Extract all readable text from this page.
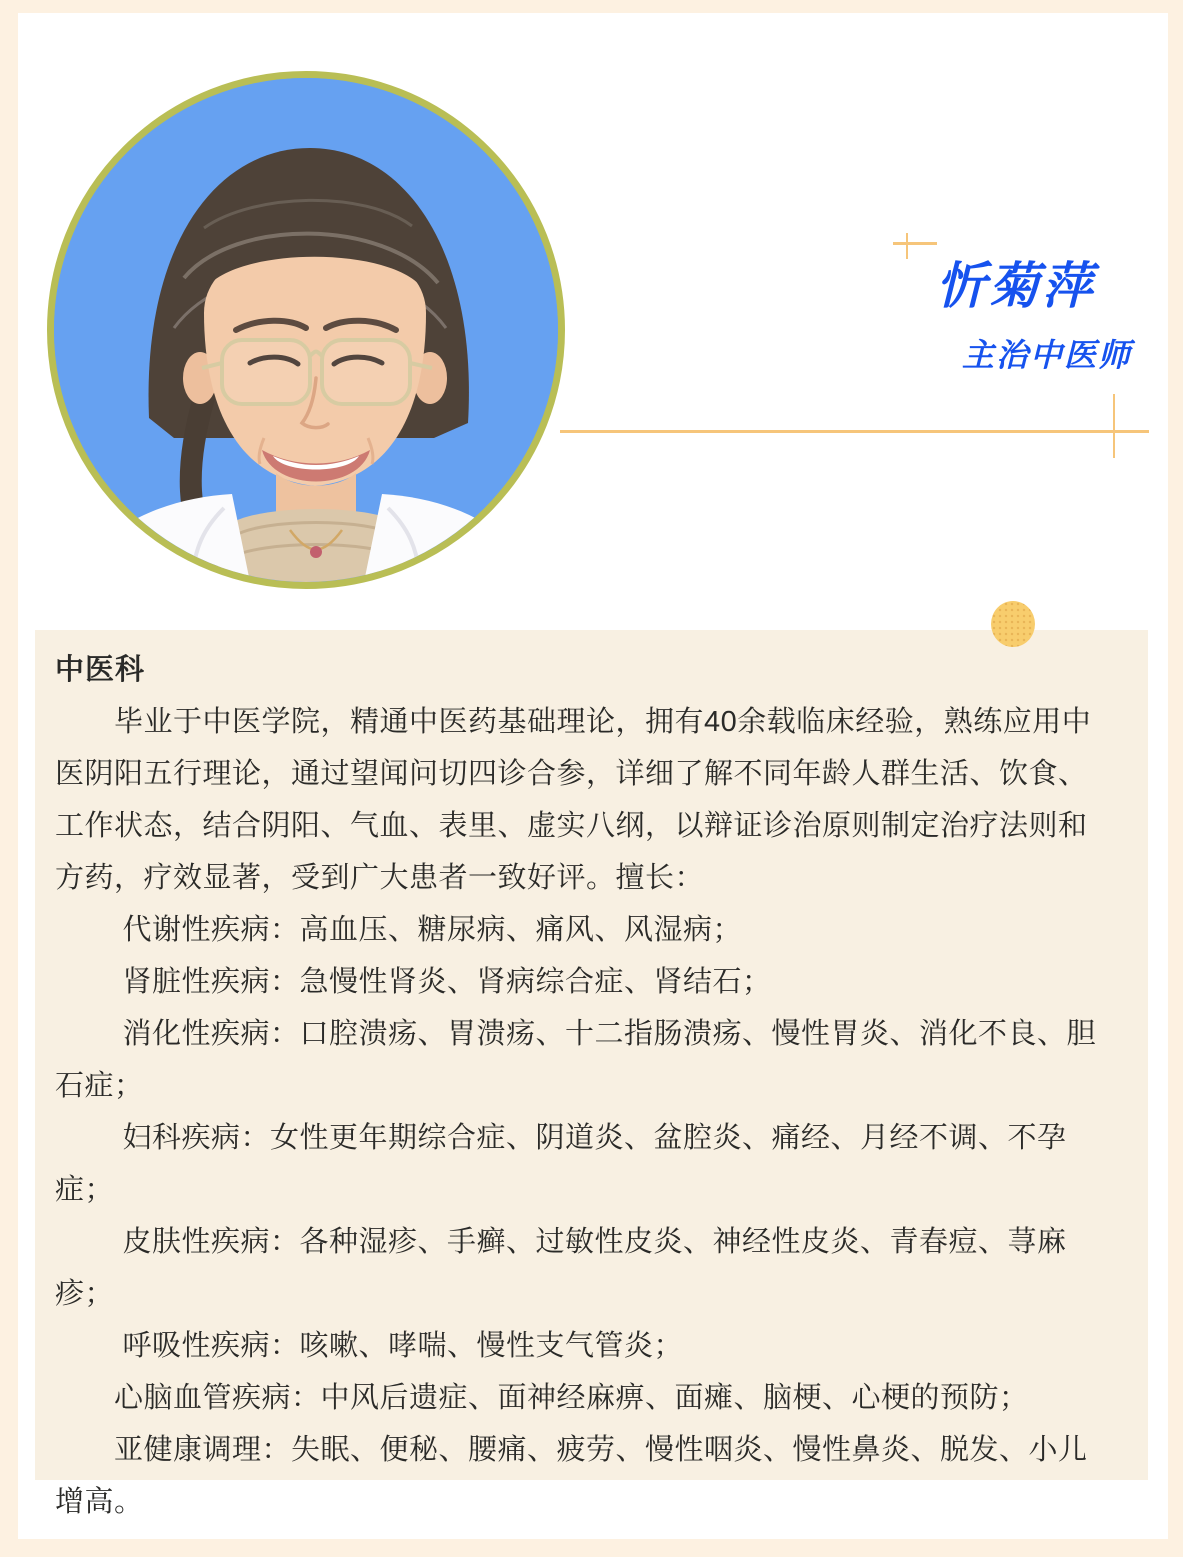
忻菊萍
主治中医师
中医科
　　毕业于中医学院，精通中医药基础理论，拥有40余载临床经验，熟练应用中
医阴阳五行理论，通过望闻问切四诊合参，详细了解不同年龄人群生活、饮食、
工作状态，结合阴阳、气血、表里、虚实八纲，以辩证诊治原则制定治疗法则和
方药，疗效显著，受到广大患者一致好评。擅长：
　　 代谢性疾病：高血压、糖尿病、痛风、风湿病；
　　 肾脏性疾病：急慢性肾炎、肾病综合症、肾结石；
　　 消化性疾病：口腔溃疡、胃溃疡、十二指肠溃疡、慢性胃炎、消化不良、胆
石症；
　　 妇科疾病：女性更年期综合症、阴道炎、盆腔炎、痛经、月经不调、不孕
症；
　　 皮肤性疾病：各种湿疹、手癣、过敏性皮炎、神经性皮炎、青春痘、荨麻
疹；
　　 呼吸性疾病：咳嗽、哮喘、慢性支气管炎；
　　心脑血管疾病：中风后遗症、面神经麻痹、面瘫、脑梗、心梗的预防；
　　亚健康调理：失眠、便秘、腰痛、疲劳、慢性咽炎、慢性鼻炎、脱发、小儿
增高。
